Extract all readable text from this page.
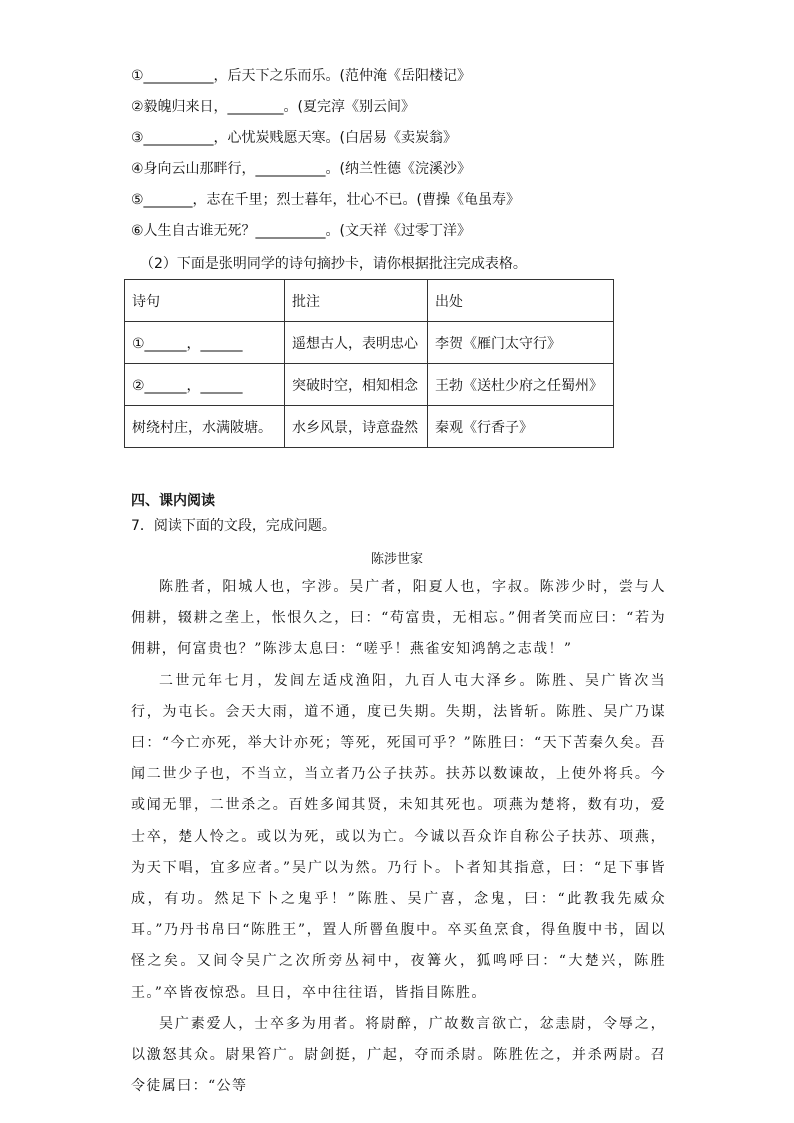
①__________，后天下之乐而乐。(范仲淹《岳阳楼记》
②毅魄归来日，________。(夏完淳《别云间》
③__________，心忧炭贱愿天寒。(白居易《卖炭翁》
④身向云山那畔行，__________。(纳兰性德《浣溪沙》
⑤_______，志在千里；烈士暮年，壮心不已。(曹操《龟虽寿》
⑥人生自古谁无死？__________。(文天祥《过零丁洋》
（2）下面是张明同学的诗句摘抄卡，请你根据批注完成表格。
诗句	批注	出处
①______，______	遥想古人，表明忠心	李贺《雁门太守行》
②______，______	突破时空，相知相念	王勃《送杜少府之任蜀州》
树绕村庄，水满陂塘。	水乡风景，诗意盎然	秦观《行香子》
四、课内阅读
7．阅读下面的文段，完成问题。
陈涉世家

陈胜者，阳城人也，字涉。吴广者，阳夏人也，字叔。陈涉少时，尝与人佣耕，辍耕之垄上，怅恨久之，曰：“苟富贵，无相忘。”佣者笑而应曰：“若为佣耕，何富贵也？”陈涉太息曰：“嗟乎！燕雀安知鸿鹄之志哉！”

二世元年七月，发闾左适戍渔阳，九百人屯大泽乡。陈胜、吴广皆次当行，为屯长。会天大雨，道不通，度已失期。失期，法皆斩。陈胜、吴广乃谋曰：“今亡亦死，举大计亦死；等死，死国可乎？”陈胜曰：“天下苦秦久矣。吾闻二世少子也，不当立，当立者乃公子扶苏。扶苏以数谏故，上使外将兵。今或闻无罪，二世杀之。百姓多闻其贤，未知其死也。项燕为楚将，数有功，爱士卒，楚人怜之。或以为死，或以为亡。今诚以吾众诈自称公子扶苏、项燕，为天下唱，宜多应者。”吴广以为然。乃行卜。卜者知其指意，曰：“足下事皆成，有功。然足下卜之鬼乎！”陈胜、吴广喜，念鬼，曰：“此教我先威众耳。”乃丹书帛曰“陈胜王”，置人所罾鱼腹中。卒买鱼烹食，得鱼腹中书，固以怪之矣。又间令吴广之次所旁丛祠中，夜篝火，狐鸣呼曰：“大楚兴，陈胜王。”卒皆夜惊恐。旦日，卒中往往语，皆指目陈胜。

吴广素爱人，士卒多为用者。将尉醉，广故数言欲亡，忿恚尉，令辱之，以激怒其众。尉果笞广。尉剑挺，广起，夺而杀尉。陈胜佐之，并杀两尉。召令徒属曰：“公等
